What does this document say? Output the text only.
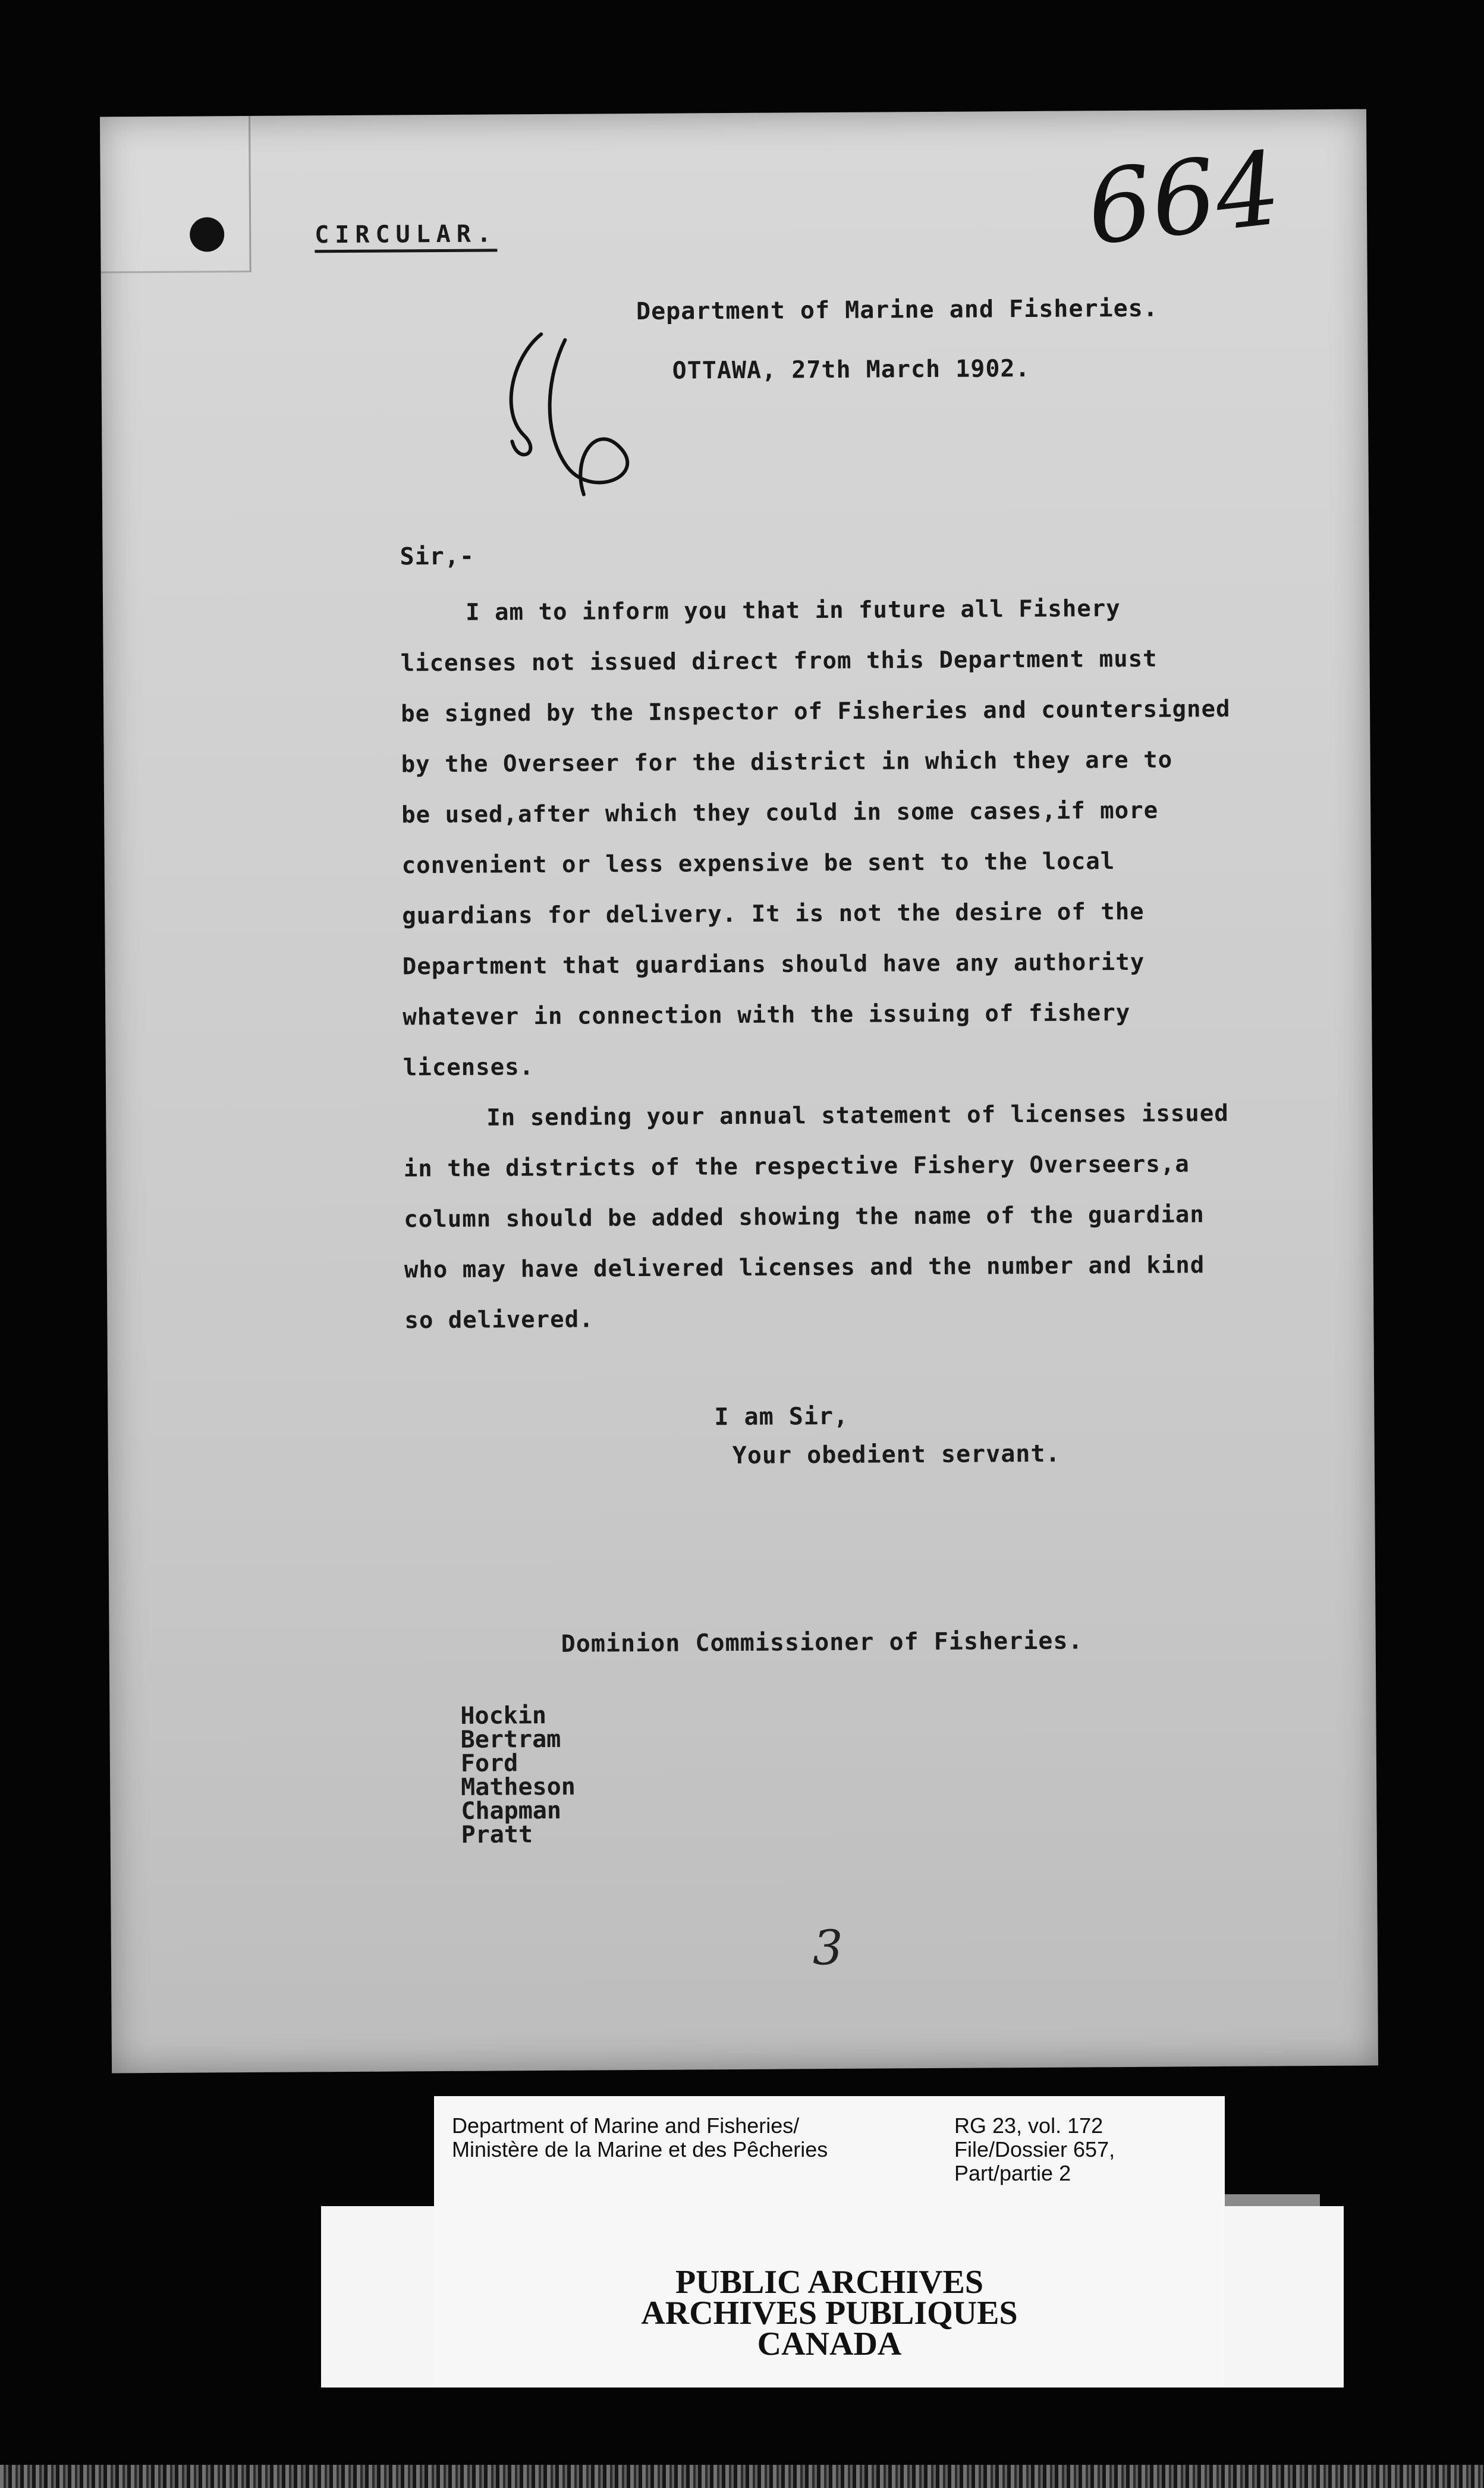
CIRCULAR.	664
Department of Marine and Fisheries.
OTTAWA, 27th March 1902.
Sir,-
I am to inform you that in future all Fishery
licenses not issued direct from this Department must
be signed by the Inspector of Fisheries and countersigned
by the Overseer for the district in which they are to
be used,after which they could in some cases,if more
convenient or less expensive be sent to the local
guardians for delivery. It is not the desire of the
Department that guardians should have any authority
whatever in connection with the issuing of fishery
licenses.
In sending your annual statement of licenses issued
in the districts of the respective Fishery Overseers,a
column should be added showing the name of the guardian
who may have delivered licenses and the number and kind
so delivered.
I am Sir,
Your obedient servant.
Dominion Commissioner of Fisheries.
Hockin
Bertram
Ford
Matheson
Chapman
Pratt
3
Department of Marine and Fisheries/
Ministère de la Marine et des Pêcheries
RG 23, vol. 172
File/Dossier 657,
Part/partie 2
PUBLIC ARCHIVES
ARCHIVES PUBLIQUES
CANADA
